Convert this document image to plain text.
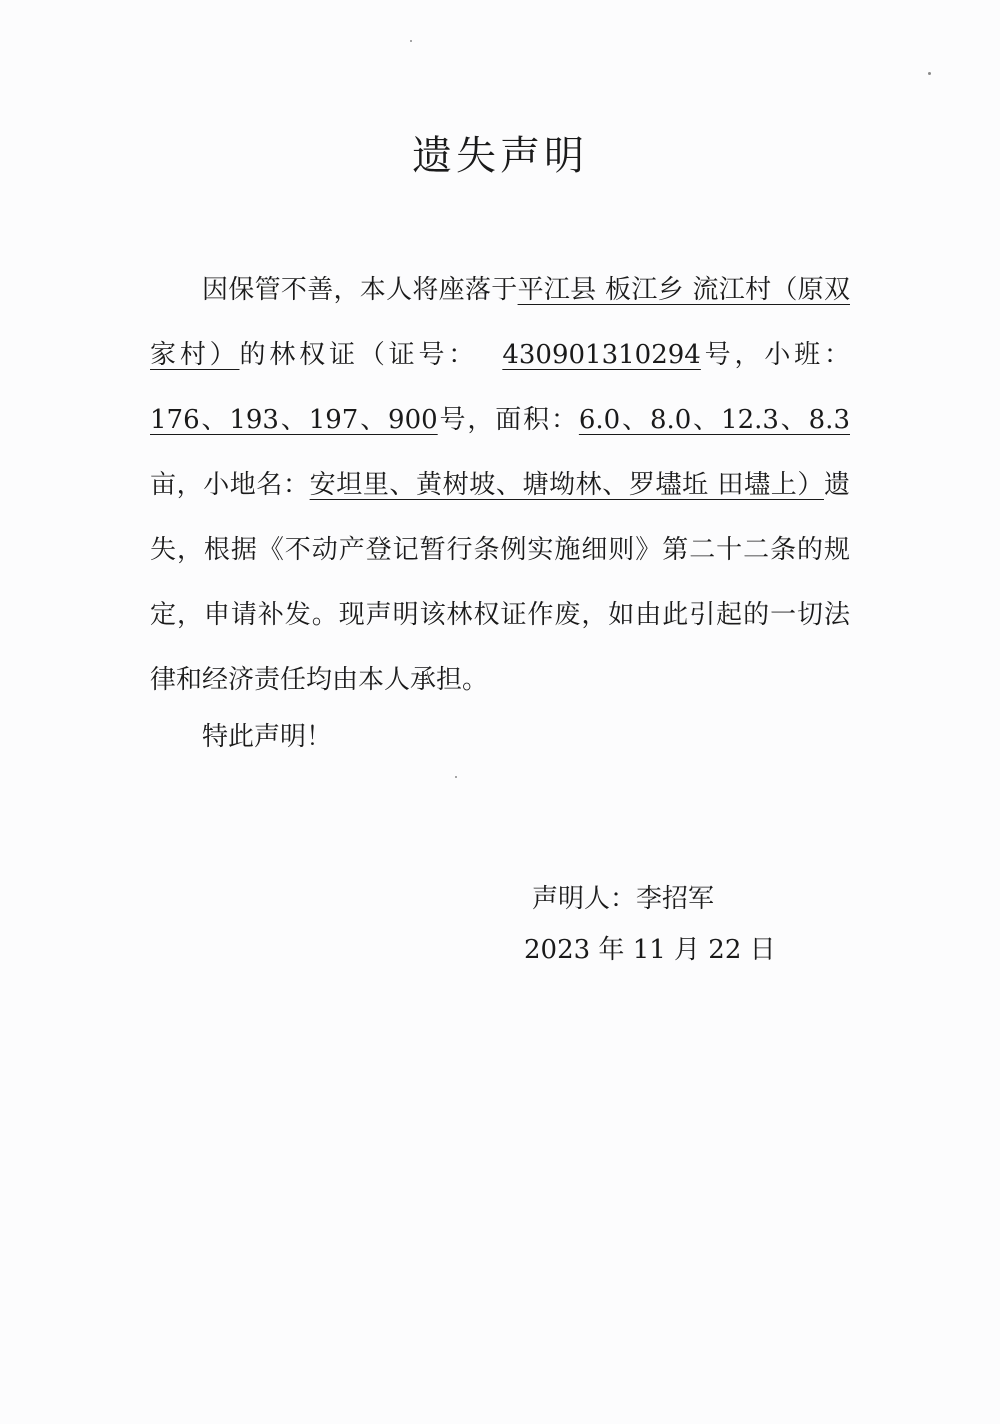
遗失声明

因保管不善，本人将座落于平江县 板江乡 流江村（原双家村）的林权证（证号： 430901310294号，小班：176、193、197、900号，面积：6.0、8.0、12.3、8.3亩，小地名：安坦里、黄树坡、塘坳林、罗壗坵 田壗上）遗失，根据《不动产登记暂行条例实施细则》第二十二条的规定，申请补发。现声明该林权证作废，如由此引起的一切法律和经济责任均由本人承担。

特此声明！
声明人：李招军
2023 年 11 月 22 日
